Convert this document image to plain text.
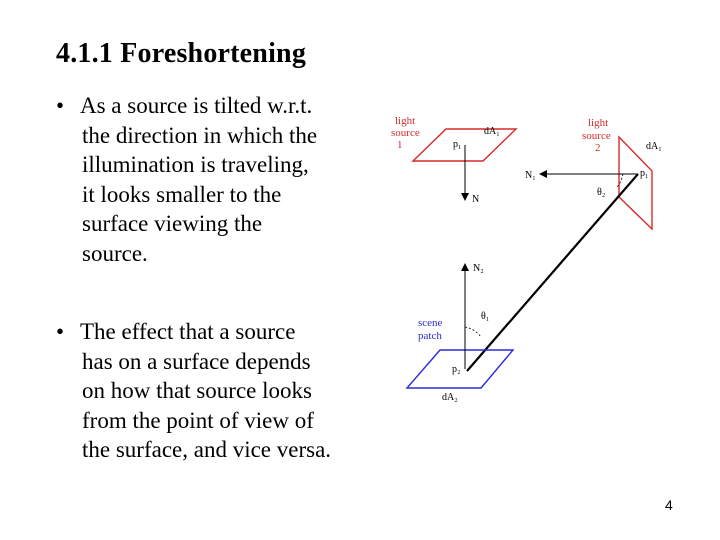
4.1.1 Foreshortening
• As a source is tilted w.r.t.
the direction in which the
illumination is traveling,
it looks smaller to the
surface viewing the
source.
• The effect that a source
has on a surface depends
on how that source looks
from the point of view of
the surface, and vice versa.
light
source
1
dA₁
p₁
N
light
source
2	dA₁
p₁
N₁
θ₂
N₂
θ₁
scene
patch
p₂
dA₂
4
